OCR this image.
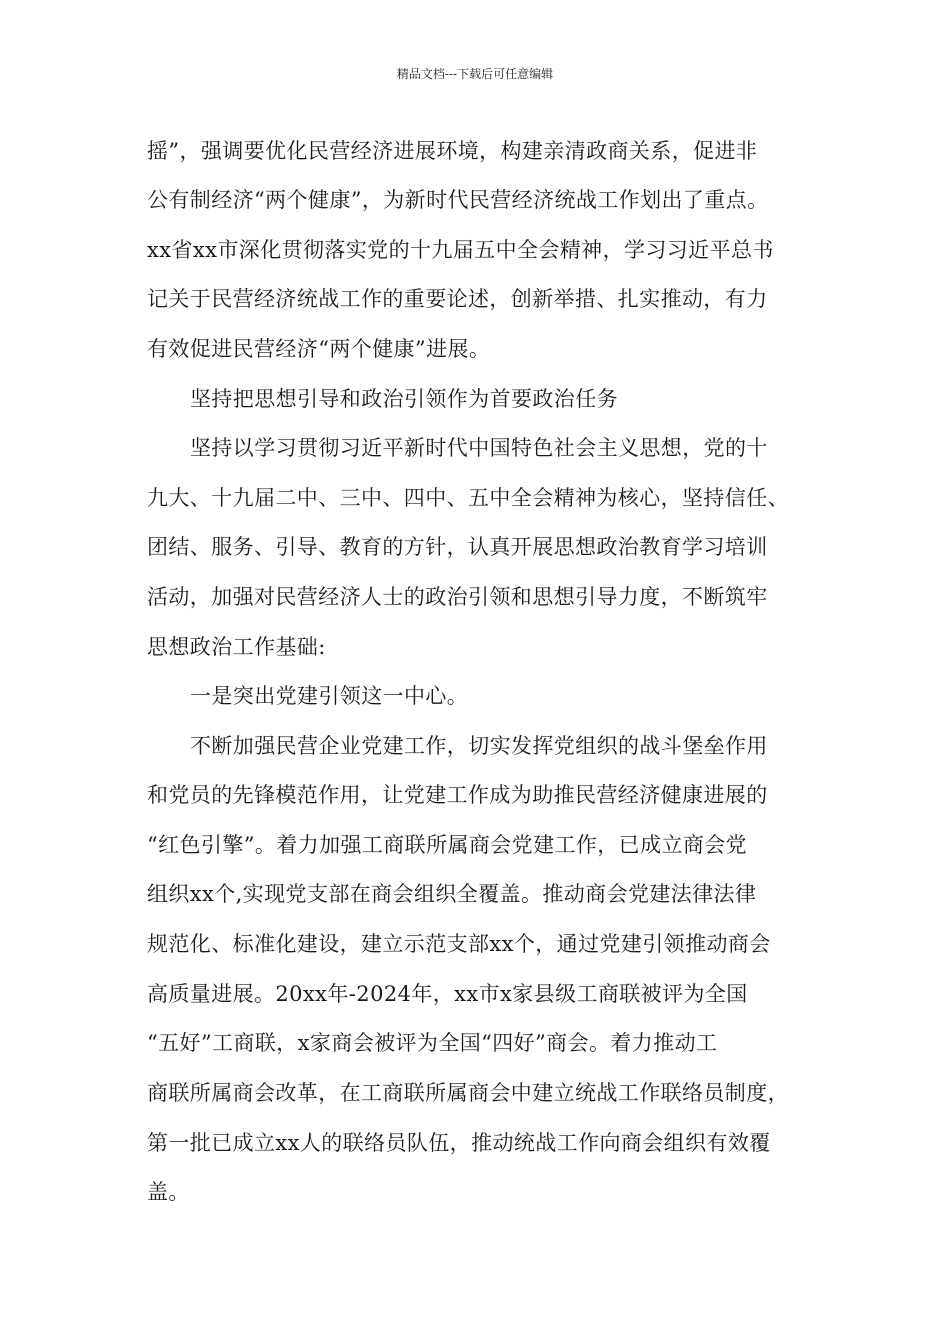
精品文档---下载后可任意编辑
摇”，强调要优化民营经济进展环境，构建亲清政商关系，促进非
公有制经济“两个健康”，为新时代民营经济统战工作划出了重点。
xx省xx市深化贯彻落实党的十九届五中全会精神，学习习近平总书
记关于民营经济统战工作的重要论述，创新举措、扎实推动，有力
有效促进民营经济“两个健康”进展。
坚持把思想引导和政治引领作为首要政治任务
坚持以学习贯彻习近平新时代中国特色社会主义思想，党的十
九大、十九届二中、三中、四中、五中全会精神为核心，坚持信任、
团结、服务、引导、教育的方针，认真开展思想政治教育学习培训
活动，加强对民营经济人士的政治引领和思想引导力度，不断筑牢
思想政治工作基础:
一是突出党建引领这一中心。
不断加强民营企业党建工作，切实发挥党组织的战斗堡垒作用
和党员的先锋模范作用，让党建工作成为助推民营经济健康进展的
“红色引擎”。着力加强工商联所属商会党建工作，已成立商会党
组织xx个,实现党支部在商会组织全覆盖。推动商会党建法律法律
规范化、标准化建设，建立示范支部xx个，通过党建引领推动商会
高质量进展。20xx年-2024年，xx市x家县级工商联被评为全国
“五好”工商联，x家商会被评为全国“四好”商会。着力推动工
商联所属商会改革，在工商联所属商会中建立统战工作联络员制度，
第一批已成立xx人的联络员队伍，推动统战工作向商会组织有效覆
盖。
